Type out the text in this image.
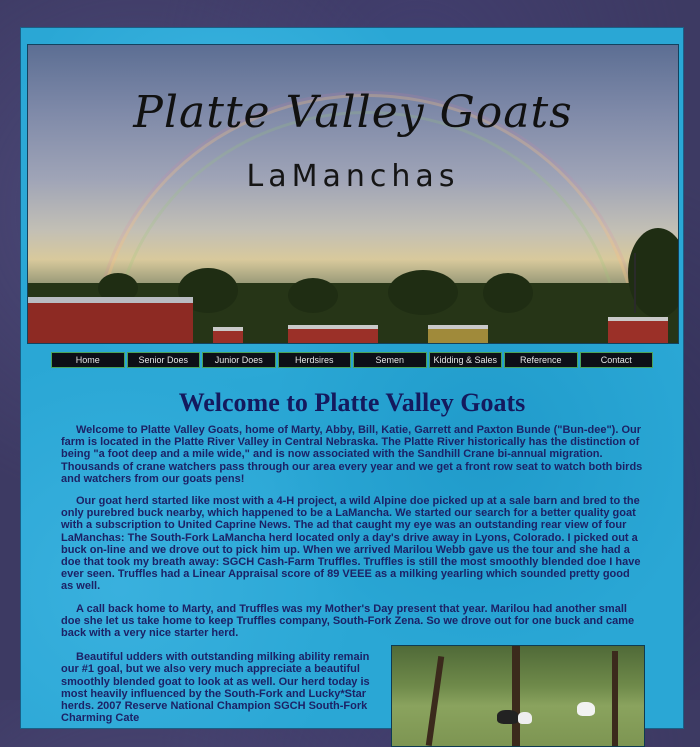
Platte Valley Goats
LaManchas
Home	Senior Does	Junior Does	Herdsires	Semen	Kidding & Sales	Reference	Contact
Welcome to Platte Valley Goats

Welcome to Platte Valley Goats, home of Marty, Abby, Bill, Katie, Garrett and Paxton Bunde ("Bun-dee"). Our farm is located in the Platte River Valley in Central Nebraska. The Platte River historically has the distinction of being "a foot deep and a mile wide," and is now associated with the Sandhill Crane bi-annual migration. Thousands of crane watchers pass through our area every year and we get a front row seat to watch both birds and watchers from our goats pens!

Our goat herd started like most with a 4-H project, a wild Alpine doe picked up at a sale barn and bred to the only purebred buck nearby, which happened to be a LaMancha. We started our search for a better quality goat with a subscription to United Caprine News. The ad that caught my eye was an outstanding rear view of four LaManchas: The South-Fork LaMancha herd located only a day's drive away in Lyons, Colorado. I picked out a buck on-line and we drove out to pick him up. When we arrived Marilou Webb gave us the tour and she had a doe that took my breath away: SGCH Cash-Farm Truffles. Truffles is still the most smoothly blended doe I have ever seen. Truffles had a Linear Appraisal score of 89 VEEE as a milking yearling which sounded pretty good as well.

A call back home to Marty, and Truffles was my Mother's Day present that year. Marilou had another small doe she let us take home to keep Truffles company, South-Fork Zena. So we drove out for one buck and came back with a very nice starter herd.

Beautiful udders with outstanding milking ability remain our #1 goal, but we also very much appreciate a beautiful smoothly blended goat to look at as well. Our herd today is most heavily influenced by the South-Fork and Lucky*Star herds. 2007 Reserve National Champion SGCH South-Fork Charming Cate
